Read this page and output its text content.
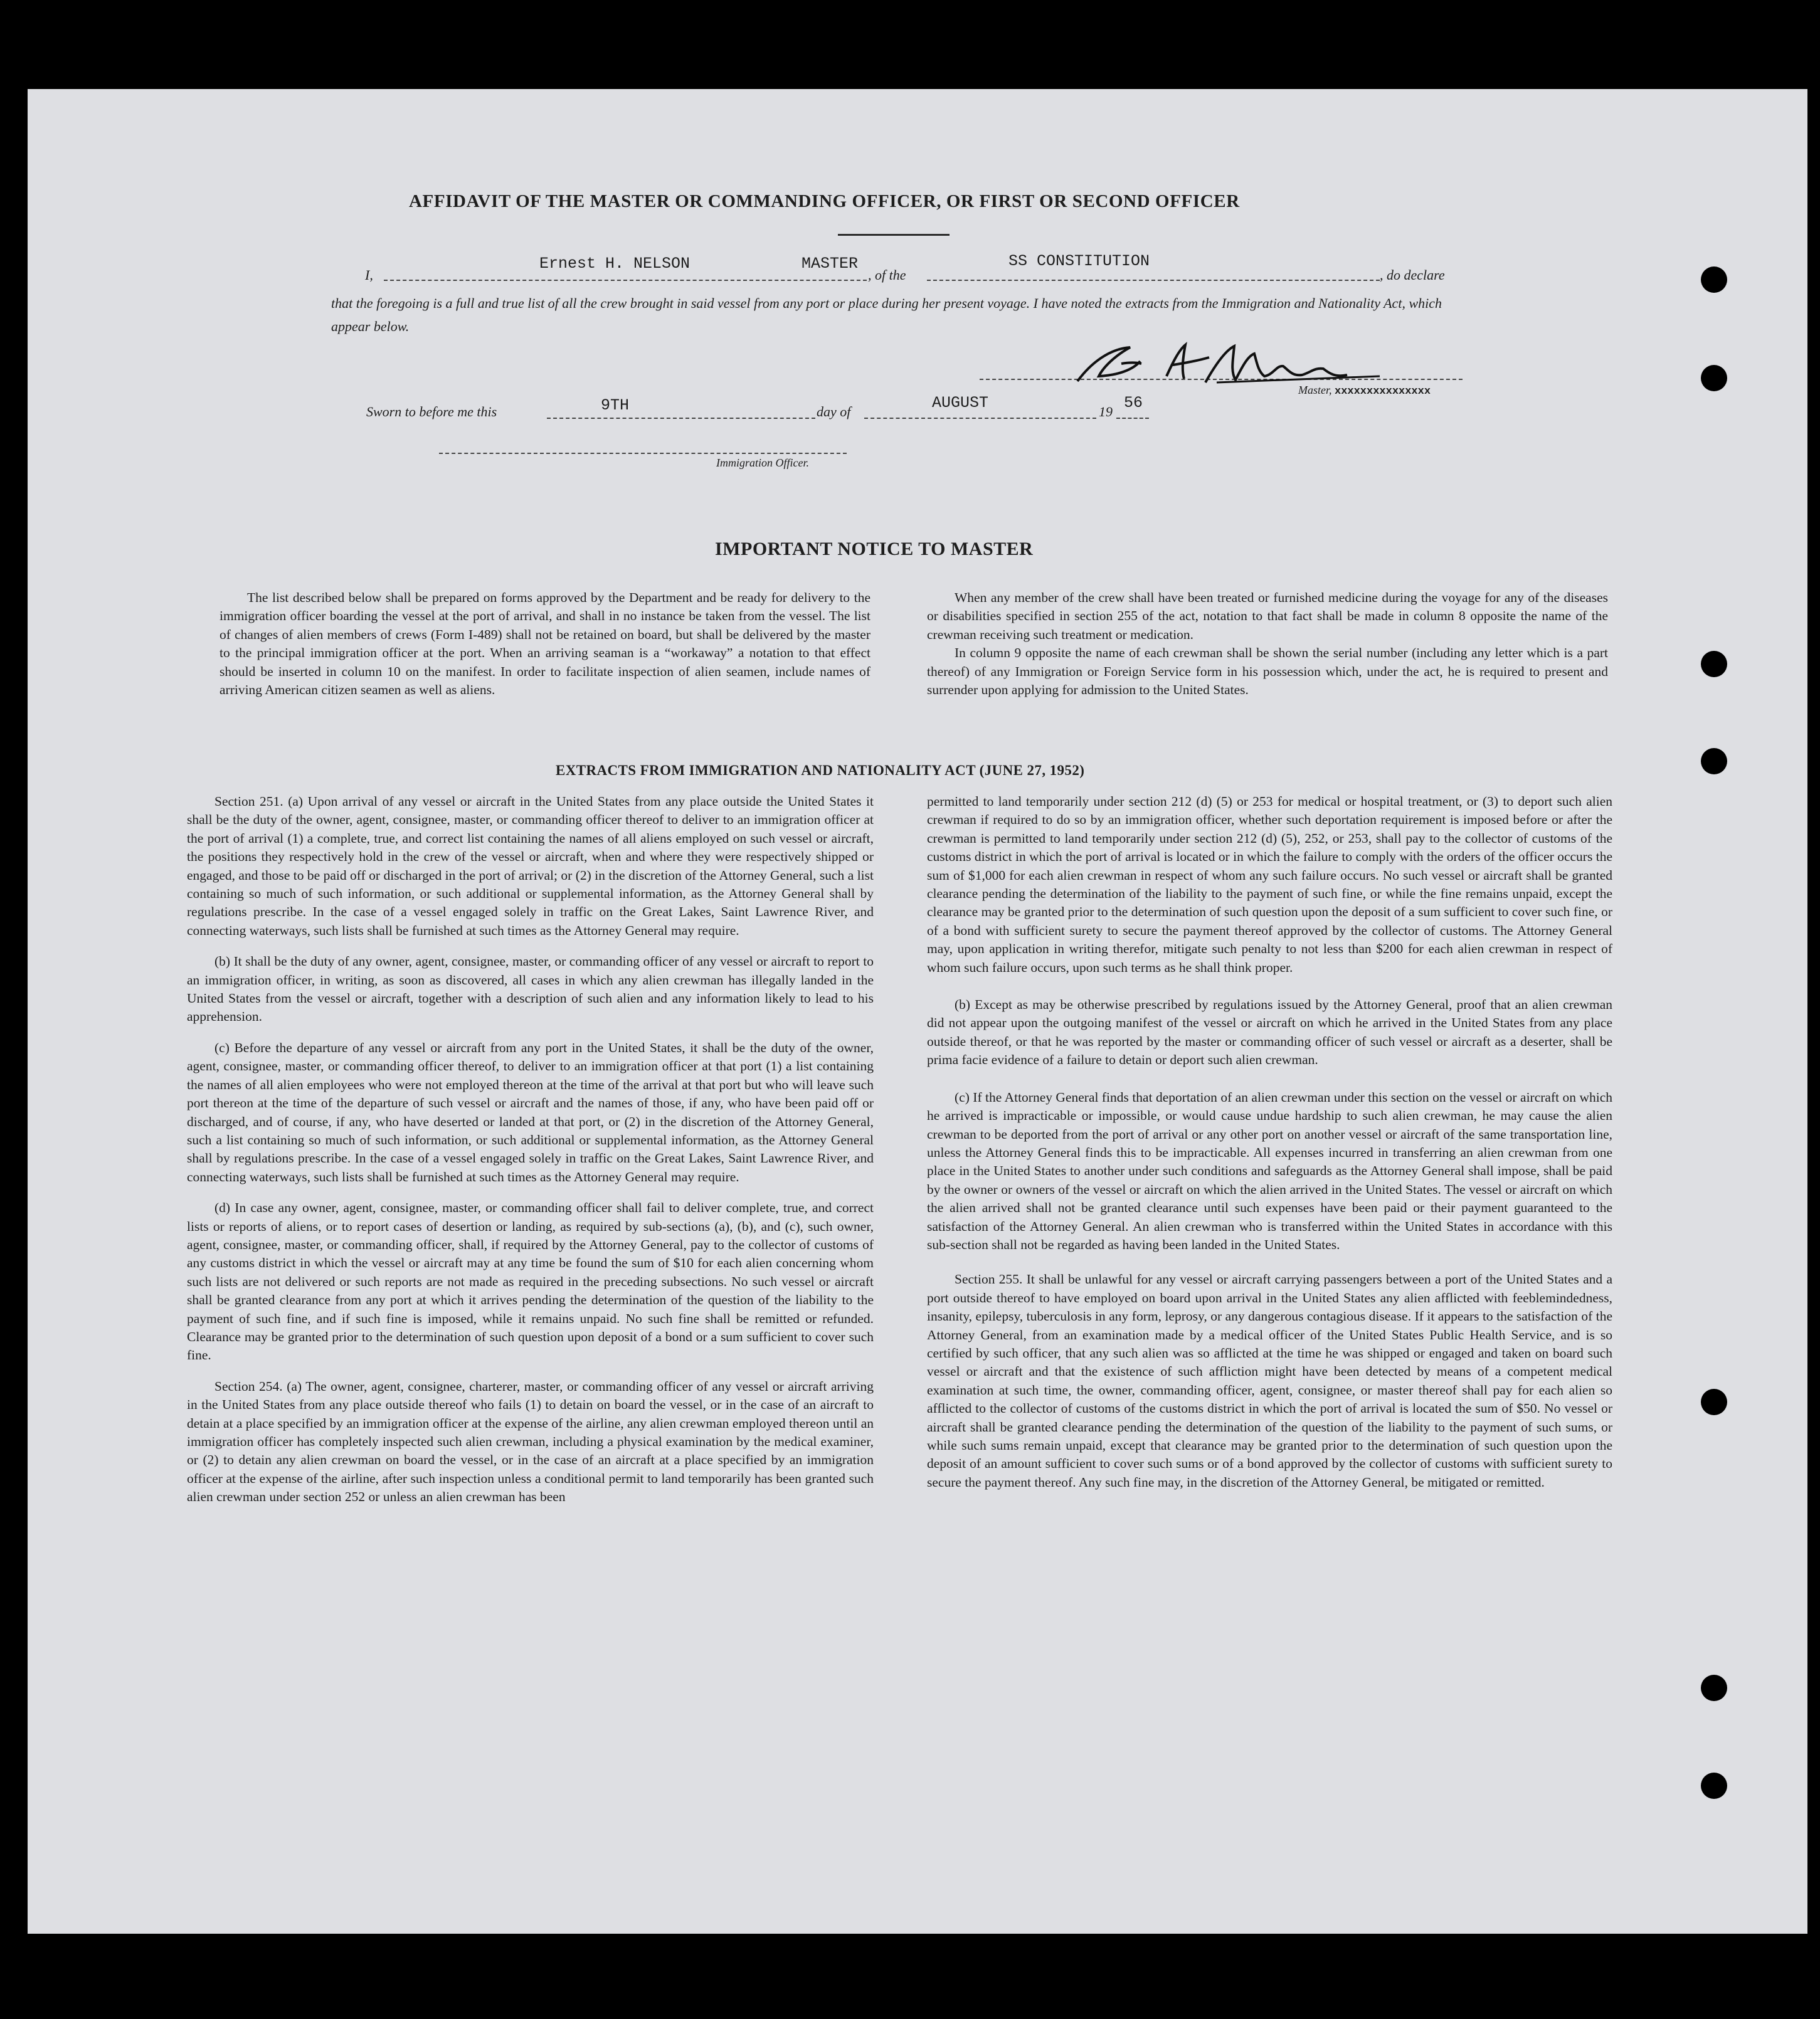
AFFIDAVIT OF THE MASTER OR COMMANDING OFFICER, OR FIRST OR SECOND OFFICER
I,
Ernest H. NELSON	MASTER
, of the
SS CONSTITUTION
, do declare
that the foregoing is a full and true list of all the crew brought in said vessel from any port or place during her present voyage. I have noted the extracts from the Immigration and Nationality Act, which appear below.
Master, xxxxxxxxxxxxxxx
Sworn to before me this	9TH	day of	AUGUST	19 56
Immigration Officer.
IMPORTANT NOTICE TO MASTER

The list described below shall be prepared on forms approved by the Department and be ready for delivery to the immigration officer boarding the vessel at the port of arrival, and shall in no instance be taken from the vessel. The list of changes of alien members of crews (Form I-489) shall not be retained on board, but shall be delivered by the master to the principal immigration officer at the port. When an arriving seaman is a “workaway” a notation to that effect should be inserted in column 10 on the manifest. In order to facilitate inspection of alien seamen, include names of arriving American citizen seamen as well as aliens.

When any member of the crew shall have been treated or furnished medicine during the voyage for any of the diseases or disabilities specified in section 255 of the act, notation to that fact shall be made in column 8 opposite the name of the crewman receiving such treatment or medication.

In column 9 opposite the name of each crewman shall be shown the serial number (including any letter which is a part thereof) of any Immigration or Foreign Service form in his possession which, under the act, he is required to present and surrender upon applying for admission to the United States.

EXTRACTS FROM IMMIGRATION AND NATIONALITY ACT (JUNE 27, 1952)

Section 251. (a) Upon arrival of any vessel or aircraft in the United States from any place outside the United States it shall be the duty of the owner, agent, consignee, master, or commanding officer thereof to deliver to an immigration officer at the port of arrival (1) a complete, true, and correct list containing the names of all aliens employed on such vessel or aircraft, the positions they respectively hold in the crew of the vessel or aircraft, when and where they were respectively shipped or engaged, and those to be paid off or discharged in the port of arrival; or (2) in the discretion of the Attorney General, such a list containing so much of such information, or such additional or supplemental information, as the Attorney General shall by regulations prescribe. In the case of a vessel engaged solely in traffic on the Great Lakes, Saint Lawrence River, and connecting waterways, such lists shall be furnished at such times as the Attorney General may require.

(b) It shall be the duty of any owner, agent, consignee, master, or commanding officer of any vessel or aircraft to report to an immigration officer, in writing, as soon as discovered, all cases in which any alien crewman has illegally landed in the United States from the vessel or aircraft, together with a description of such alien and any information likely to lead to his apprehension.

(c) Before the departure of any vessel or aircraft from any port in the United States, it shall be the duty of the owner, agent, consignee, master, or commanding officer thereof, to deliver to an immigration officer at that port (1) a list containing the names of all alien employees who were not employed thereon at the time of the arrival at that port but who will leave such port thereon at the time of the departure of such vessel or aircraft and the names of those, if any, who have been paid off or discharged, and of course, if any, who have deserted or landed at that port, or (2) in the discretion of the Attorney General, such a list containing so much of such information, or such additional or supplemental information, as the Attorney General shall by regulations prescribe. In the case of a vessel engaged solely in traffic on the Great Lakes, Saint Lawrence River, and connecting waterways, such lists shall be furnished at such times as the Attorney General may require.

(d) In case any owner, agent, consignee, master, or commanding officer shall fail to deliver complete, true, and correct lists or reports of aliens, or to report cases of desertion or landing, as required by sub-sections (a), (b), and (c), such owner, agent, consignee, master, or commanding officer, shall, if required by the Attorney General, pay to the collector of customs of any customs district in which the vessel or aircraft may at any time be found the sum of $10 for each alien concerning whom such lists are not delivered or such reports are not made as required in the preceding subsections. No such vessel or aircraft shall be granted clearance from any port at which it arrives pending the determination of the question of the liability to the payment of such fine, and if such fine is imposed, while it remains unpaid. No such fine shall be remitted or refunded. Clearance may be granted prior to the determination of such question upon deposit of a bond or a sum sufficient to cover such fine.

Section 254. (a) The owner, agent, consignee, charterer, master, or commanding officer of any vessel or aircraft arriving in the United States from any place outside thereof who fails (1) to detain on board the vessel, or in the case of an aircraft to detain at a place specified by an immigration officer at the expense of the airline, any alien crewman employed thereon until an immigration officer has completely inspected such alien crewman, including a physical examination by the medical examiner, or (2) to detain any alien crewman on board the vessel, or in the case of an aircraft at a place specified by an immigration officer at the expense of the airline, after such inspection unless a conditional permit to land temporarily has been granted such alien crewman under section 252 or unless an alien crewman has been

permitted to land temporarily under section 212 (d) (5) or 253 for medical or hospital treatment, or (3) to deport such alien crewman if required to do so by an immigration officer, whether such deportation requirement is imposed before or after the crewman is permitted to land temporarily under section 212 (d) (5), 252, or 253, shall pay to the collector of customs of the customs district in which the port of arrival is located or in which the failure to comply with the orders of the officer occurs the sum of $1,000 for each alien crewman in respect of whom any such failure occurs. No such vessel or aircraft shall be granted clearance pending the determination of the liability to the payment of such fine, or while the fine remains unpaid, except the clearance may be granted prior to the determination of such question upon the deposit of a sum sufficient to cover such fine, or of a bond with sufficient surety to secure the payment thereof approved by the collector of customs. The Attorney General may, upon application in writing therefor, mitigate such penalty to not less than $200 for each alien crewman in respect of whom such failure occurs, upon such terms as he shall think proper.

(b) Except as may be otherwise prescribed by regulations issued by the Attorney General, proof that an alien crewman did not appear upon the outgoing manifest of the vessel or aircraft on which he arrived in the United States from any place outside thereof, or that he was reported by the master or commanding officer of such vessel or aircraft as a deserter, shall be prima facie evidence of a failure to detain or deport such alien crewman.

(c) If the Attorney General finds that deportation of an alien crewman under this section on the vessel or aircraft on which he arrived is impracticable or impossible, or would cause undue hardship to such alien crewman, he may cause the alien crewman to be deported from the port of arrival or any other port on another vessel or aircraft of the same transportation line, unless the Attorney General finds this to be impracticable. All expenses incurred in transferring an alien crewman from one place in the United States to another under such conditions and safeguards as the Attorney General shall impose, shall be paid by the owner or owners of the vessel or aircraft on which the alien arrived in the United States. The vessel or aircraft on which the alien arrived shall not be granted clearance until such expenses have been paid or their payment guaranteed to the satisfaction of the Attorney General. An alien crewman who is transferred within the United States in accordance with this sub-section shall not be regarded as having been landed in the United States.

Section 255. It shall be unlawful for any vessel or aircraft carrying passengers between a port of the United States and a port outside thereof to have employed on board upon arrival in the United States any alien afflicted with feeblemindedness, insanity, epilepsy, tuberculosis in any form, leprosy, or any dangerous contagious disease. If it appears to the satisfaction of the Attorney General, from an examination made by a medical officer of the United States Public Health Service, and is so certified by such officer, that any such alien was so afflicted at the time he was shipped or engaged and taken on board such vessel or aircraft and that the existence of such affliction might have been detected by means of a competent medical examination at such time, the owner, commanding officer, agent, consignee, or master thereof shall pay for each alien so afflicted to the collector of customs of the customs district in which the port of arrival is located the sum of $50. No vessel or aircraft shall be granted clearance pending the determination of the question of the liability to the payment of such sums, or while such sums remain unpaid, except that clearance may be granted prior to the determination of such question upon the deposit of an amount sufficient to cover such sums or of a bond approved by the collector of customs with sufficient surety to secure the payment thereof. Any such fine may, in the discretion of the Attorney General, be mitigated or remitted.
